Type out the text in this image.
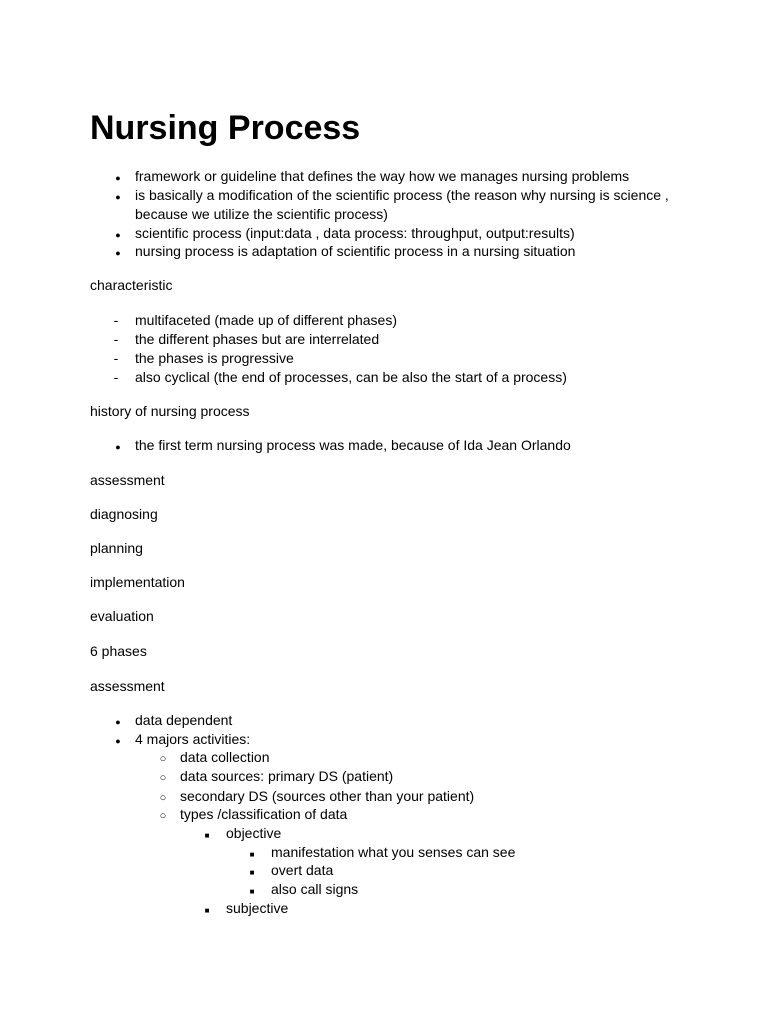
Nursing Process
●
framework or guideline that defines the way how we manages nursing problems
●
is basically a modification of the scientific process (the reason why nursing is science ,
because we utilize the scientific process)
●
scientific process (input:data , data process: throughput, output:results)
●
nursing process is adaptation of scientific process in a nursing situation
characteristic
-
multifaceted (made up of different phases)
-
the different phases but are interrelated
-
the phases is progressive
-
also cyclical (the end of processes, can be also the start of a process)
history of nursing process
●
the first term nursing process was made, because of Ida Jean Orlando
assessment
diagnosing
planning
implementation
evaluation
6 phases
assessment
●
data dependent
●
4 majors activities:
○
data collection
○
data sources: primary DS (patient)
○
secondary DS (sources other than your patient)
○
types /classification of data
■
objective
■
manifestation what you senses can see
■
overt data
■
also call signs
■
subjective
